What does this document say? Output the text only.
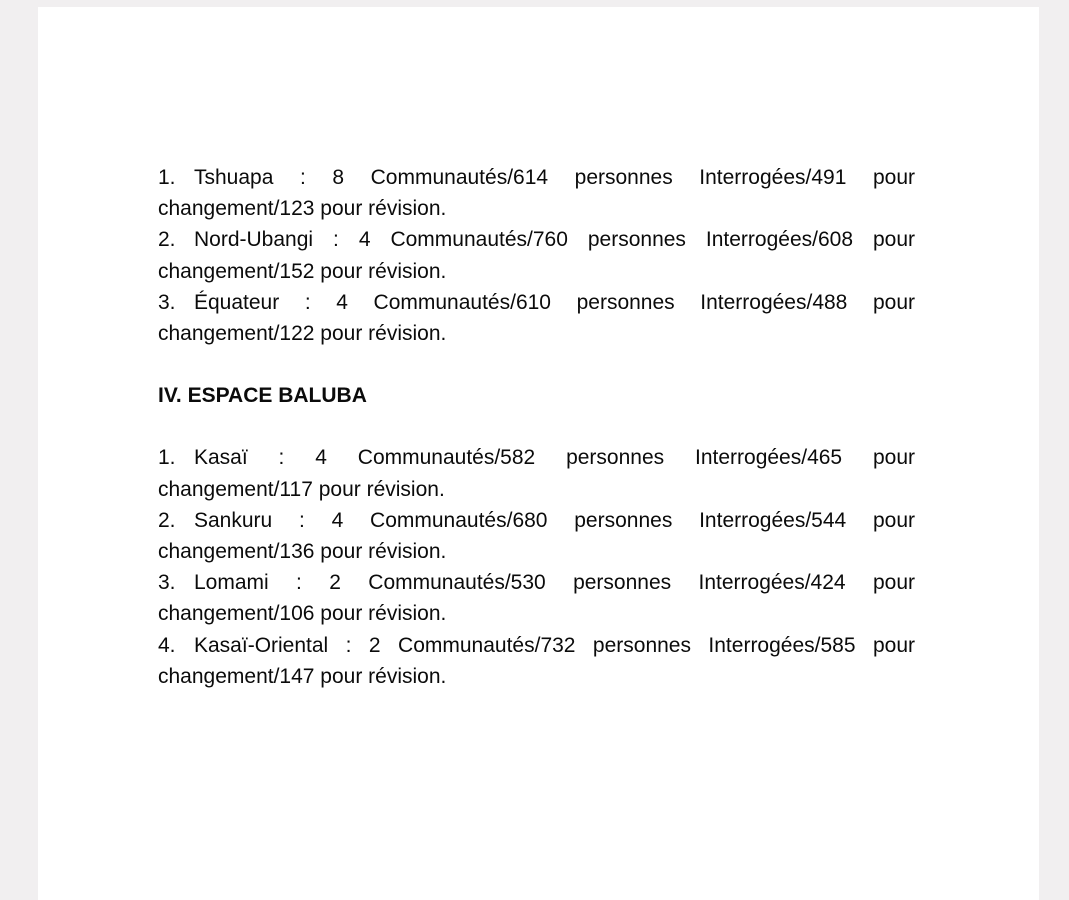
1. Tshuapa : 8 Communautés/614 personnes Interrogées/491 pour changement/123 pour révision.

2. Nord-Ubangi : 4 Communautés/760 personnes Interrogées/608 pour changement/152 pour révision.

3. Équateur : 4 Communautés/610 personnes Interrogées/488 pour changement/122 pour révision.

IV. ESPACE BALUBA

1. Kasaï : 4 Communautés/582 personnes Interrogées/465 pour changement/117 pour révision.

2. Sankuru : 4 Communautés/680 personnes Interrogées/544 pour changement/136 pour révision.

3. Lomami : 2 Communautés/530 personnes Interrogées/424 pour changement/106 pour révision.

4. Kasaï-Oriental : 2 Communautés/732 personnes Interrogées/585 pour changement/147 pour révision.
